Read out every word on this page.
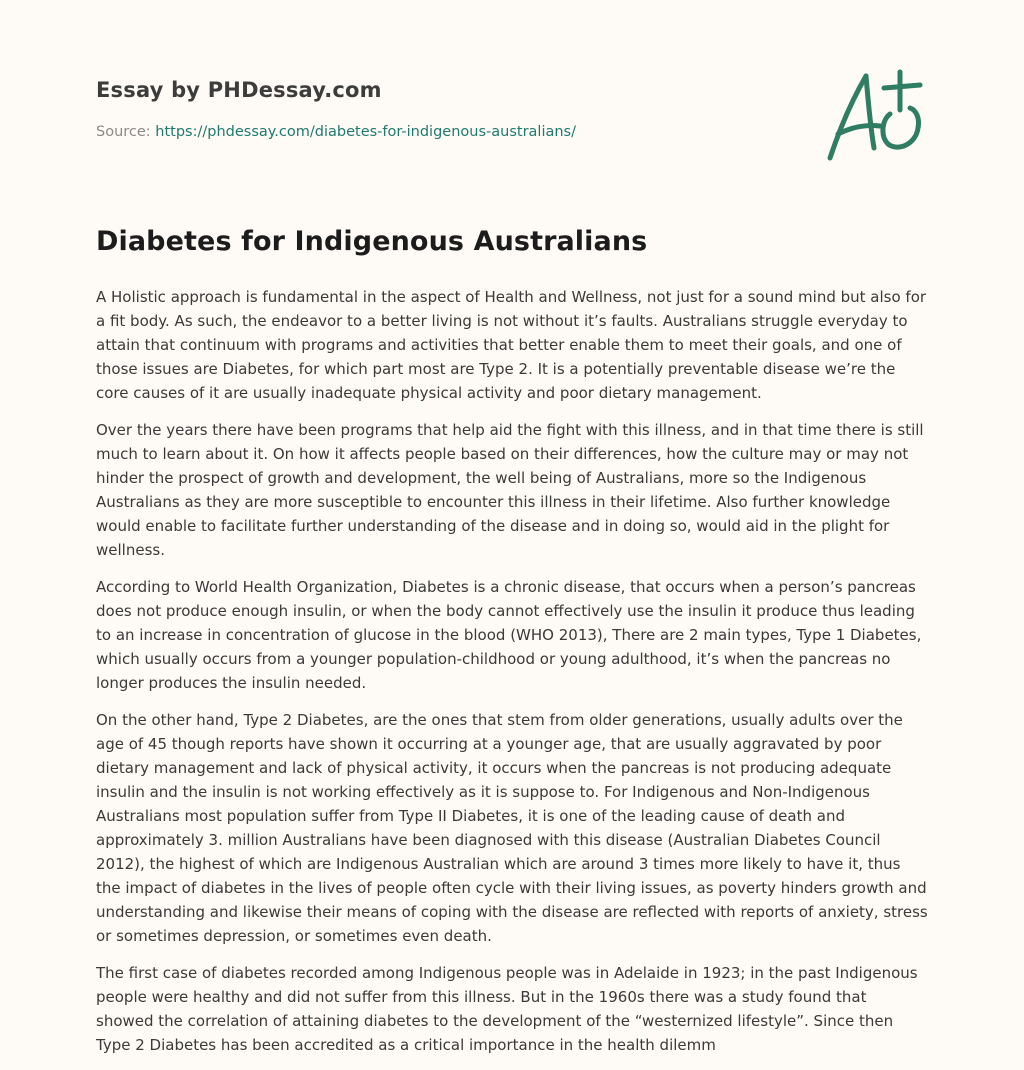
Essay by PHDessay.com
Source: https://phdessay.com/diabetes-for-indigenous-australians/
Diabetes for Indigenous Australians

A Holistic approach is fundamental in the aspect of Health and Wellness, not just for a sound mind but also for a fit body. As such, the endeavor to a better living is not without it’s faults. Australians struggle everyday to attain that continuum with programs and activities that better enable them to meet their goals, and one of those issues are Diabetes, for which part most are Type 2. It is a potentially preventable disease we’re the core causes of it are usually inadequate physical activity and poor dietary management.

Over the years there have been programs that help aid the fight with this illness, and in that time there is still much to learn about it. On how it affects people based on their differences, how the culture may or may not hinder the prospect of growth and development, the well being of Australians, more so the Indigenous Australians as they are more susceptible to encounter this illness in their lifetime. Also further knowledge would enable to facilitate further understanding of the disease and in doing so, would aid in the plight for wellness.

According to World Health Organization, Diabetes is a chronic disease, that occurs when a person’s pancreas does not produce enough insulin, or when the body cannot effectively use the insulin it produce thus leading to an increase in concentration of glucose in the blood (WHO 2013), There are 2 main types, Type 1 Diabetes, which usually occurs from a younger population-childhood or young adulthood, it’s when the pancreas no longer produces the insulin needed.

On the other hand, Type 2 Diabetes, are the ones that stem from older generations, usually adults over the age of 45 though reports have shown it occurring at a younger age, that are usually aggravated by poor dietary management and lack of physical activity, it occurs when the pancreas is not producing adequate insulin and the insulin is not working effectively as it is suppose to. For Indigenous and Non-Indigenous Australians most population suffer from Type II Diabetes, it is one of the leading cause of death and approximately 3. million Australians have been diagnosed with this disease (Australian Diabetes Council 2012), the highest of which are Indigenous Australian which are around 3 times more likely to have it, thus the impact of diabetes in the lives of people often cycle with their living issues, as poverty hinders growth and understanding and likewise their means of coping with the disease are reflected with reports of anxiety, stress or sometimes depression, or sometimes even death.

The first case of diabetes recorded among Indigenous people was in Adelaide in 1923; in the past Indigenous people were healthy and did not suffer from this illness. But in the 1960s there was a study found that showed the correlation of attaining diabetes to the development of the “westernized lifestyle”. Since then Type 2 Diabetes has been accredited as a critical importance in the health dilemm
